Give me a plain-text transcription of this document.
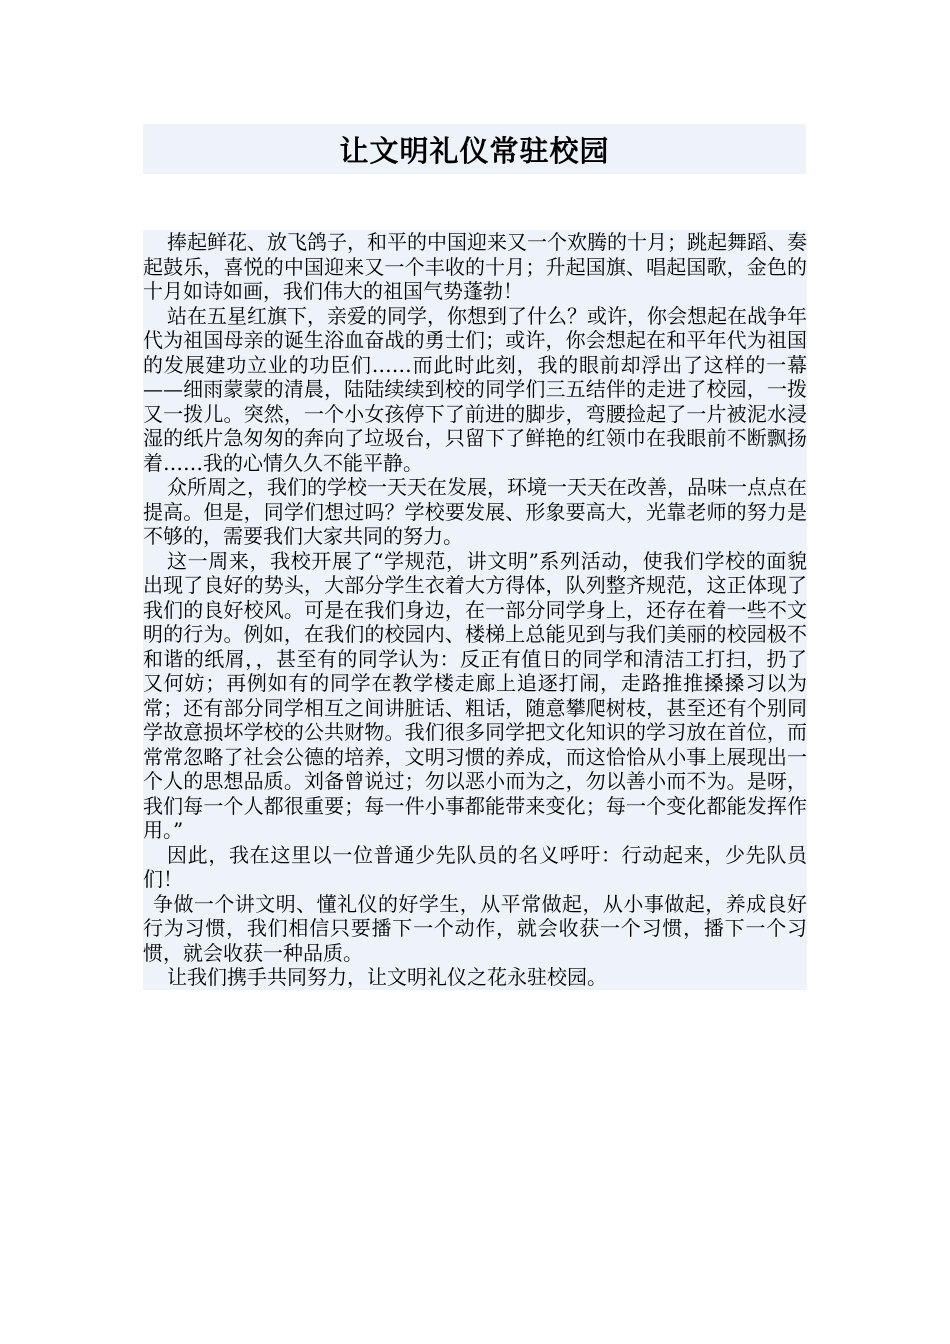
让文明礼仪常驻校园

捧起鲜花、放飞鸽子，和平的中国迎来又一个欢腾的十月；跳起舞蹈、奏起鼓乐，喜悦的中国迎来又一个丰收的十月；升起国旗、唱起国歌，金色的十月如诗如画，我们伟大的祖国气势蓬勃！

站在五星红旗下，亲爱的同学，你想到了什么？或许，你会想起在战争年代为祖国母亲的诞生浴血奋战的勇士们；或许，你会想起在和平年代为祖国的发展建功立业的功臣们……而此时此刻，我的眼前却浮出了这样的一幕——细雨蒙蒙的清晨，陆陆续续到校的同学们三五结伴的走进了校园，一拨又一拨儿。突然，一个小女孩停下了前进的脚步，弯腰捡起了一片被泥水浸湿的纸片急匆匆的奔向了垃圾台，只留下了鲜艳的红领巾在我眼前不断飘扬着……我的心情久久不能平静。

众所周之，我们的学校一天天在发展，环境一天天在改善，品味一点点在提高。但是，同学们想过吗？学校要发展、形象要高大，光靠老师的努力是不够的，需要我们大家共同的努力。

这一周来，我校开展了“学规范，讲文明”系列活动，使我们学校的面貌出现了良好的势头，大部分学生衣着大方得体，队列整齐规范，这正体现了我们的良好校风。可是在我们身边，在一部分同学身上，还存在着一些不文明的行为。例如，在我们的校园内、楼梯上总能见到与我们美丽的校园极不和谐的纸屑，，甚至有的同学认为：反正有值日的同学和清洁工打扫，扔了又何妨；再例如有的同学在教学楼走廊上追逐打闹，走路推推搡搡习以为常；还有部分同学相互之间讲脏话、粗话，随意攀爬树枝，甚至还有个别同学故意损坏学校的公共财物。我们很多同学把文化知识的学习放在首位，而常常忽略了社会公德的培养，文明习惯的养成，而这恰恰从小事上展现出一个人的思想品质。刘备曾说过；勿以恶小而为之，勿以善小而不为。是呀，我们每一个人都很重要；每一件小事都能带来变化；每一个变化都能发挥作用。”

因此，我在这里以一位普通少先队员的名义呼吁：行动起来，少先队员们！

争做一个讲文明、懂礼仪的好学生，从平常做起，从小事做起，养成良好行为习惯，我们相信只要播下一个动作，就会收获一个习惯，播下一个习惯，就会收获一种品质。

让我们携手共同努力，让文明礼仪之花永驻校园。
